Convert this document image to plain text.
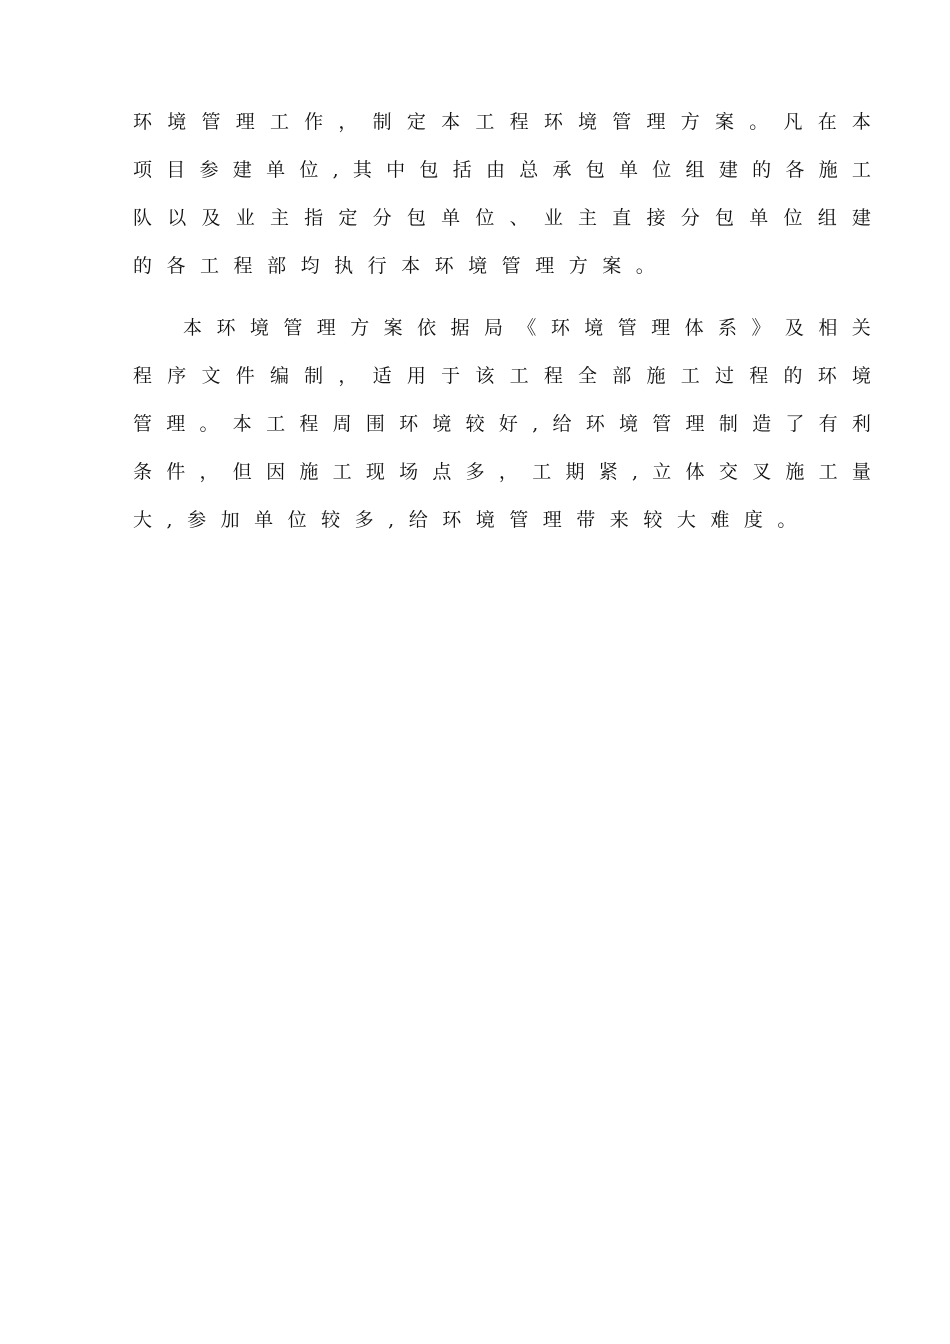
环 境 管 理 工 作 ， 制 定 本 工 程 环 境 管 理 方 案 。 凡 在 本
项 目 参 建 单 位 , 其 中 包 括 由 总 承 包 单 位 组 建 的 各 施 工
队 以 及 业 主 指 定 分 包 单 位 、 业 主 直 接 分 包 单 位 组 建
的 各 工 程 部 均 执 行 本 环 境 管 理 方 案 。
本 环 境 管 理 方 案 依 据 局 《 环 境 管 理 体 系 》 及 相 关
程 序 文 件 编 制 ， 适 用 于 该 工 程 全 部 施 工 过 程 的 环 境
管 理 。 本 工 程 周 围 环 境 较 好 , 给 环 境 管 理 制 造 了 有 利
条 件 ， 但 因 施 工 现 场 点 多 ， 工 期 紧 , 立 体 交 叉 施 工 量
大 , 参 加 单 位 较 多 , 给 环 境 管 理 带 来 较 大 难 度 。
